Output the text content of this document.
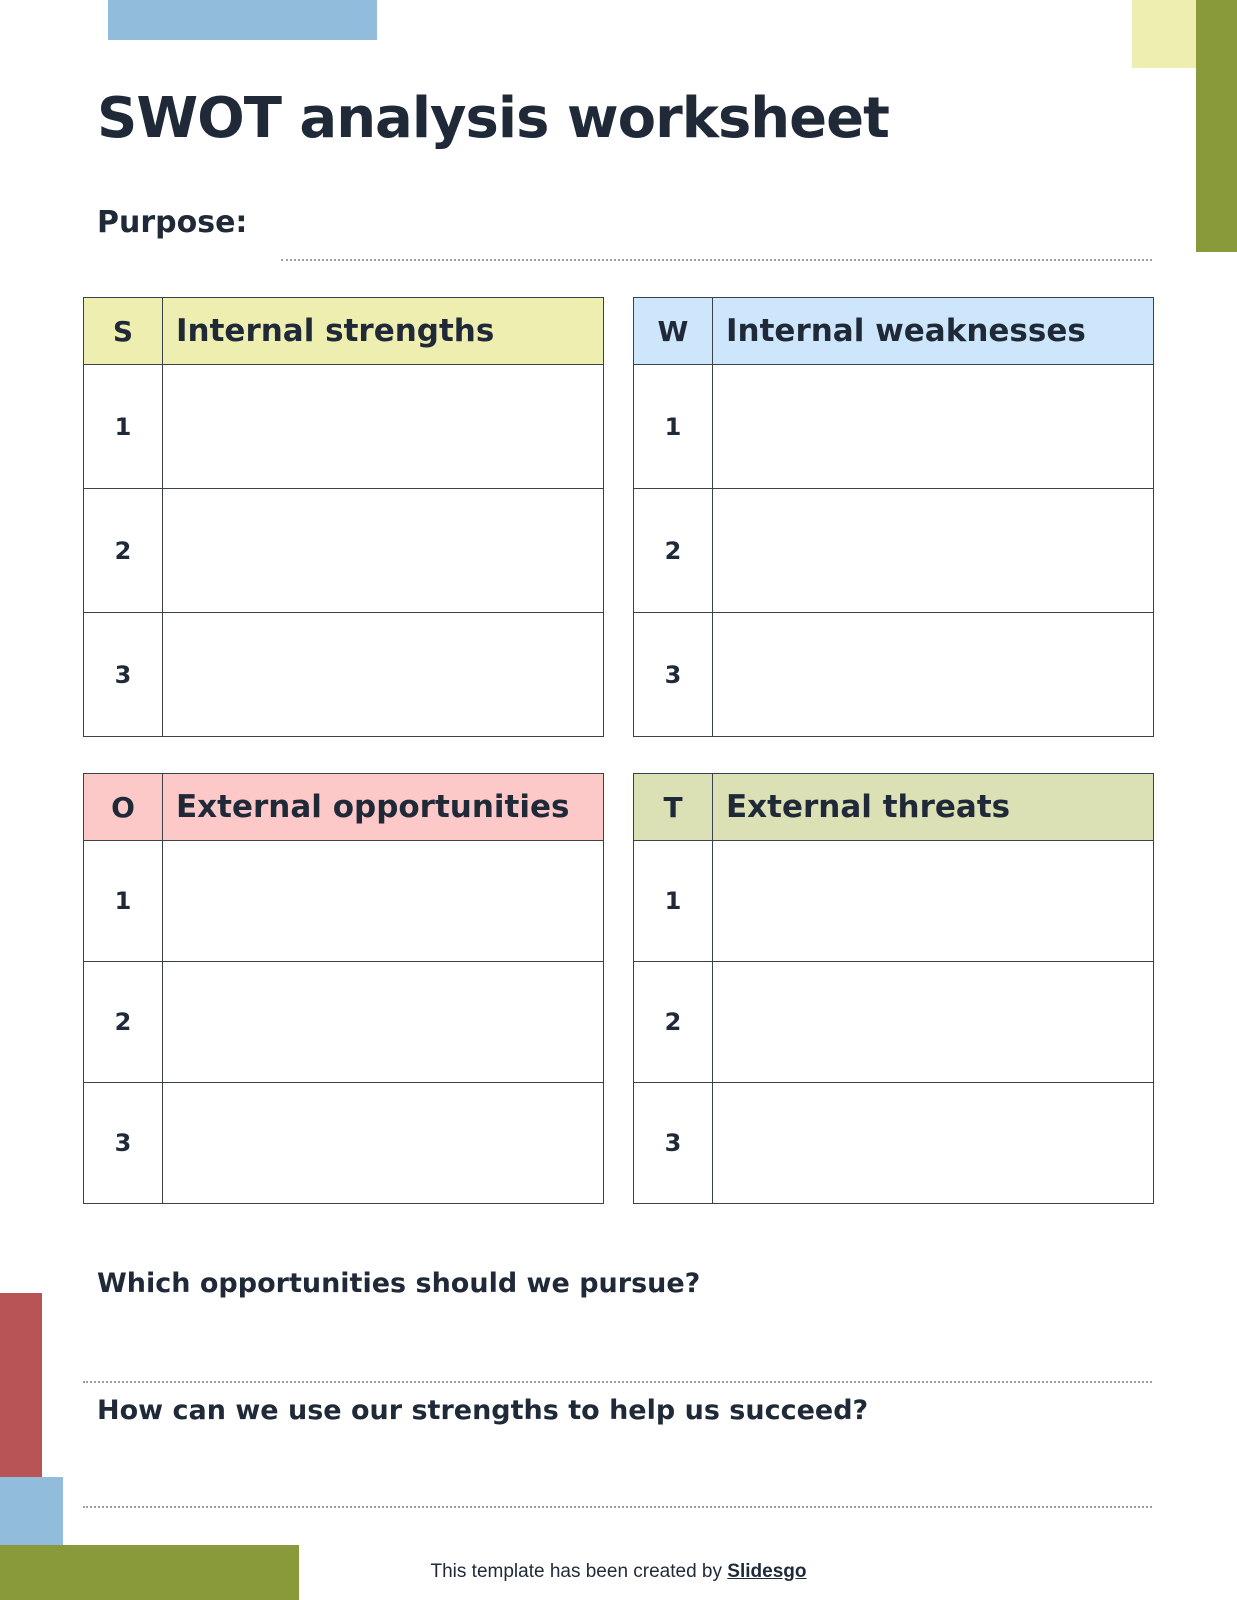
SWOT analysis worksheet
Purpose:
S	Internal strengths
1	
2	
3	
W	Internal weaknesses
1	
2	
3	
O	External opportunities
1	
2	
3	
T	External threats
1	
2	
3	
Which opportunities should we pursue?
How can we use our strengths to help us succeed?
This template has been created by Slidesgo
